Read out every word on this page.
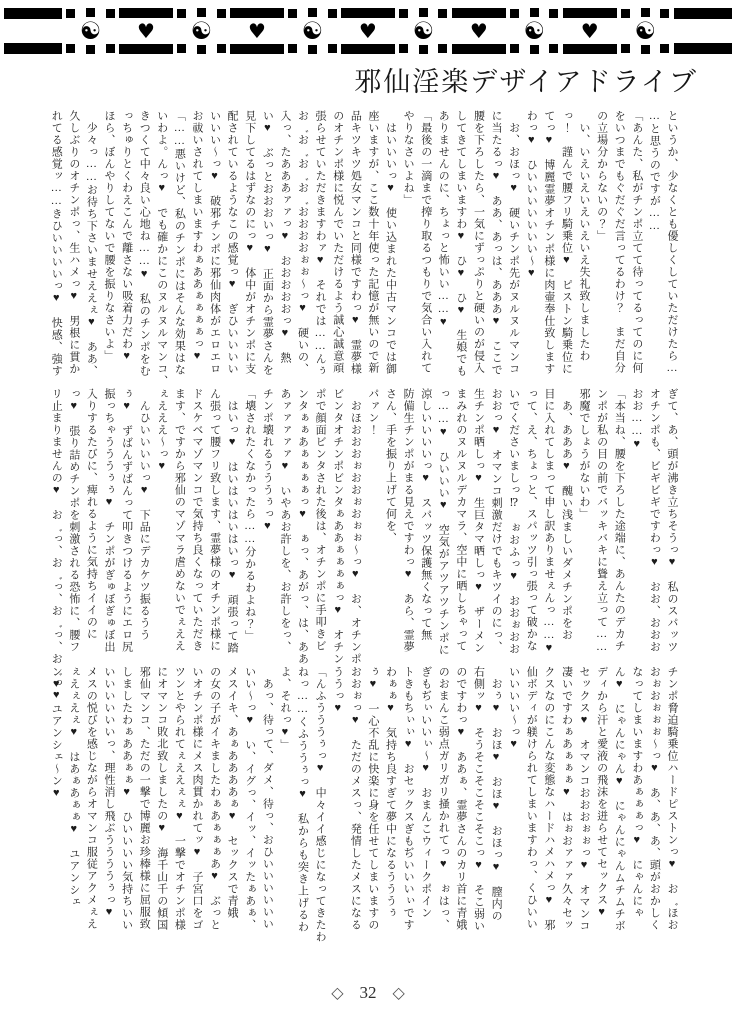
☯ ♥ ☯ ♥ ☯ ♥ ☯ ♥ ☯ ♥ ☯
邪仙淫楽デザイアドライブ
というか、少なくとも優しくしていただけたら…
…と思うのですが……
「あんた、私がチンポ立てて待ってるってのに何
をいつまでもぐだぐだ言ってるわけ？　まだ自分
の立場分からないの？」
　い、いえいえいえいえいえ失礼致しましたわ
っ！　謹んで腰フリ騎乗位♥　ピストン騎乗位に
てっ♥　博麗霊夢オチンポ様に肉壷奉仕致します
わっ♥　ひいいいいいいい～♥
　お、おほっ♥　硬いチンポ先がヌルヌルマンコ
に当たるっ♥　ああ、あっは、あああ♥　ここで
腰を下ろしたら、一気にずっぷりと硬いのが侵入
してきてしまいますわ♥　ひ♥　ひ♥　生娘でも
ありませんのに、ちょっと怖いい……♥
「最後の一滴まで搾り取るつもりで気合い入れて
やりなさいよね」
　はいいいっ♥　使い込まれた中古マンコでは御
座いますが、ここ数十年使った記憶が無いので新
品キツキツ処女マンコと同様ですわっ♥　霊夢様
のオチンポ様に悦んでいただけるよう誠心誠意頑
張らせていただきますわァ♥　それでは……んぅ
お゛お゛お゛お゛おおおおぉぉ～っ♥　硬いの、
入っ、たあああァァっ♥　おおおおおっ♥　熱
い♥　ぶっとおおおいっ♥　正面から霊夢さんを
見下してるはずなのにっ♥　体中がオチンポに支
配されているようなこの感覚っ♥　ぎひいいいい
いいい～っ♥　破邪チンポに邪仙肉体がエロエロ
お祓いされてしまいますわぁああぁぁぁぁっ♥
「……悪いけど、私のチンポにはそんな効果はな
いわよ。んっ♥　でも確かにこのヌルヌルマンコ、
きつくて中々良い心地ね……♥　私のチンポをむ
っちゅりとくわえこんで離さない吸着力だわ♥
ほら、ぼんやりしてないで腰を振りなさいよ」
　少々っ……お待ち下さいませええぇ♥　ああ、
久しぶりのオチンポっ、生ハメっ♥　男根に貫か
れてる感覚ッ……きひいいいいっ♥　快感、強す
ぎて、あ、頭が沸き立ちそうっ♥　私のスパッツ
オチンポも、ビギビギですわっ♥　おお、おおお
おお……♥
「本当ね、腰を下ろした途端に、あんたのデカチ
ンポが私の目の前でバッキバキに聳え立って……
邪魔でしょうがないわ」
　あ、あああ♥　醜い浅ましいダメチンポをお
目に入れてしまって申し訳ありませぇんっ……♥
って、え、ちょっと、スパッツ引っ張って破かな
いでくださいましっ⁉　ぉおふっ♥　おおぉおお
おおっ♥　オマンコ刺激だけでもキツイのにっ、
生チンポ晒しっ♥　生巨タマ晒しっ♥　ザーメン
まみれのヌルヌルデカマラ、空中に晒しちゃって
っ……♥　ひいいい♥　空気がアツアツチンポに
涼しいいいいっ♥　スパッツ保護無くなって無
防備生チンポがまる見えですわっ♥　あら、霊夢
さん、手を振り上げて何を、
パァン！
　おほおおおぉおおぉおぉぉ～っ♥　お、オチンポ
ビンタオチンポビンタぁああぁぁぁぁっ♥　オチン
ポで顔面ビンタされた後は、オチンポに手叩きビ
ンタぁぁあぁぁぁぁっ♥　ぁっ、あがっ、は、ああ
あァァァァァ♥　いやあお許しを、お許しをっ、
チンポ壊れるうううぅっ♥
「壊されたくなかったら……分かるわよね？」
　はいっ♥　はいはいはいはいっ♥　頑張って踏
ん張って腰フリ致します、霊夢様のオチンポ様に
ドスケベマゾマンコで気持ち良くなっていただき
ます、ですから邪仙のマゾマラ虐めないでぇええ
ぇえええ～っ♥
　んひいいいいっ♥　下品にデカケツ振るうう
ぅ♥　ずばんずばんって叩きつけるようにエロ尻
振っちゃうううぅぅ♥　チンポがぎゅぼぎゅぼ出
入りするたびに、痺れるように気持ちイイのに
っ♥　張り詰めチンポを刺激される恐怖に、腰フ
リ止まりませんの♥　お゛っ、お゛っ、お゛っ、お゛っ♥
チンポ脅迫騎乗位ハードピストンっ♥　お゛ほお
おぉおぉぉぉ～っ♥　あ、あ、あ、頭がおかしく
なってしまいますわあぁぁぁっ♥　にゃんにゃ
ん♥　にゃんにゃん♥　にゃんにゃんムチムチボ
ディから汗と愛液の飛沫を迸らせてセックス♥
セックス♥　オマンコおおおぉぉっ♥　オマンコ
凄いですわぁあぁぁぁ♥　はぉおァァァ久々セッ
クスなのにこんな変態なハードハメハメっ♥　邪
仙ボディが躾けられてしまいますわっ、くひいい
いいいい～っ♥
　おぅ♥　おほ♥　おほ♥　おほっ♥　膣内の
右側ッ♥　そうそこそこそこそこっ♥　そこ弱い
のですわっ♥　ああぁ、霊夢さんのカリ首に青娥
のおまんこ弱点ガリガリ掻かれてっ♥　ぉはっ、
ぎもぢぃいいぃ～♥　おまんこウィークポイン
トきもちぃぃ♥　おセックスぎもぢいいいぃです
わぁぁ♥　気持ち良すぎて夢中になるうううぅ
ぅ♥　一心不乱に快楽に身を任せてしまいますの
おおぉっ♥　ただのメスっ、発情したメスになる
ううっ♥
「んふうううぅっ♥　中々イイ感じになってきたわ
ねっ……くふううぅっ♥　私からも突き上げるわ
よ、それっ♥」
　あっ、待って、ダメ、待っ、おひいいいいいい
いい～っ♥　い、イグっ、イッ、イッたぁあぁ、
メスイキ、あぁああああぁ♥　セックスで青娥
の女の子がイキましたわぁあぁぁぁあ♥　ぶっと
いオチンポ様にメス肉貫かれてッ♥　子宮口をゴ
ツンとやられてぇええぇぇ♥　一撃でオチンポ様
にオマンコ敗北致しましたの♥　海千山千の傾国
邪仙マンコ、ただの一撃で博麗お珍棒様に屈服致
しましたわぁああぁぁ♥　ひいいいい気持ちいい
いいいいいいっ、理性消し飛ぶううううぅっ♥
メスの悦びを感じながらオマンコ服従アクメぇえ
ぇえぇえぇ♥　はあぁあぁぁ♥　ユアンシェ
ン♥　ユアンシェ～ン♥
◇ 32 ◇
